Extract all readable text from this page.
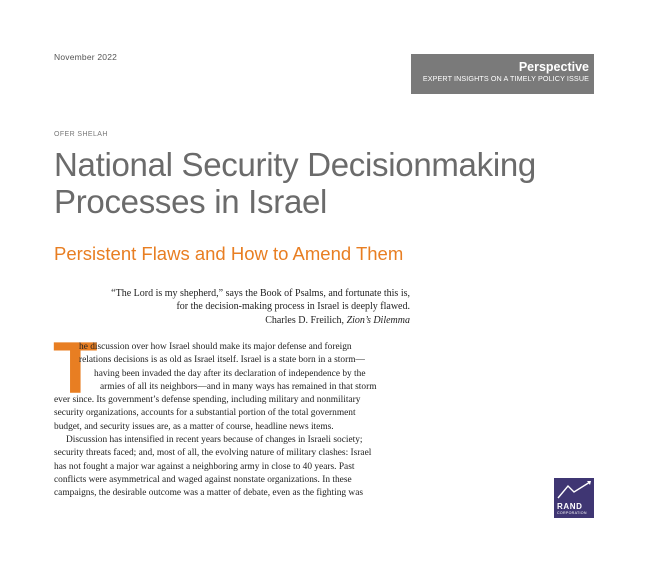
November 2022
Perspective
EXPERT INSIGHTS ON A TIMELY POLICY ISSUE
OFER SHELAH
National Security Decisionmaking
Processes in Israel
Persistent Flaws and How to Amend Them
“The Lord is my shepherd,” says the Book of Psalms, and fortunate this is,
for the decision-making process in Israel is deeply flawed.
Charles D. Freilich, Zion’s Dilemma
T
he discussion over how Israel should make its major defense and foreign
relations decisions is as old as Israel itself. Israel is a state born in a storm—
having been invaded the day after its declaration of independence by the
armies of all its neighbors—and in many ways has remained in that storm
ever since. Its government’s defense spending, including military and nonmilitary
security organizations, accounts for a substantial portion of the total government
budget, and security issues are, as a matter of course, headline news items.
Discussion has intensified in recent years because of changes in Israeli society;
security threats faced; and, most of all, the evolving nature of military clashes: Israel
has not fought a major war against a neighboring army in close to 40 years. Past
conflicts were asymmetrical and waged against nonstate organizations. In these
campaigns, the desirable outcome was a matter of debate, even as the fighting was
RAND
CORPORATION
